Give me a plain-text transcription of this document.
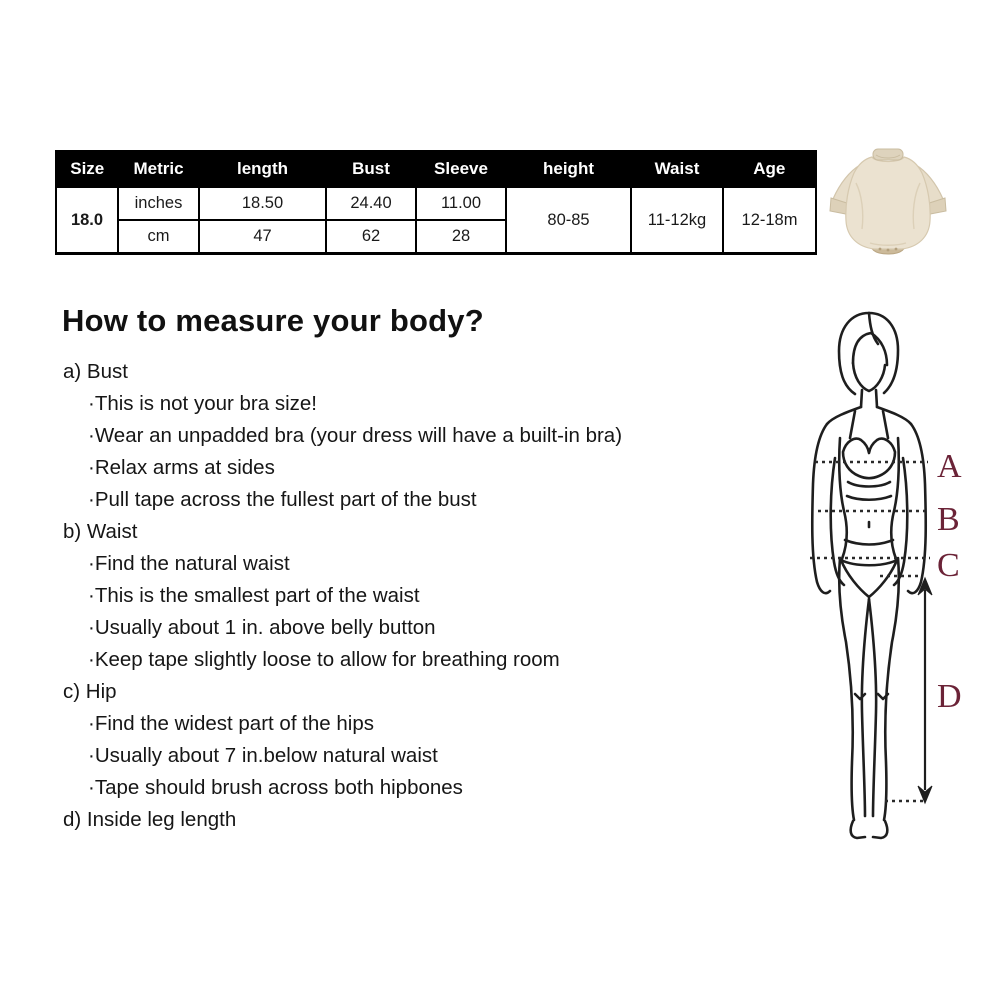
Size	Metric	length	Bust	Sleeve	height	Waist	Age
18.0	inches	18.50	24.40	11.00	80-85	11-12kg	12-18m
	cm	47	62	28			
How to measure your body?
a) Bust
·This is not your bra size!
·Wear an unpadded bra (your dress will have a built-in bra)
·Relax arms at sides
·Pull tape across the fullest part of the bust
b) Waist
·Find the natural waist
·This is the smallest part of the waist
·Usually about 1 in. above belly button
·Keep tape slightly loose to allow for breathing room
c) Hip
·Find the widest part of the hips
·Usually about 7 in.below natural waist
·Tape should brush across both hipbones
d) Inside leg length
A
B
C
D
